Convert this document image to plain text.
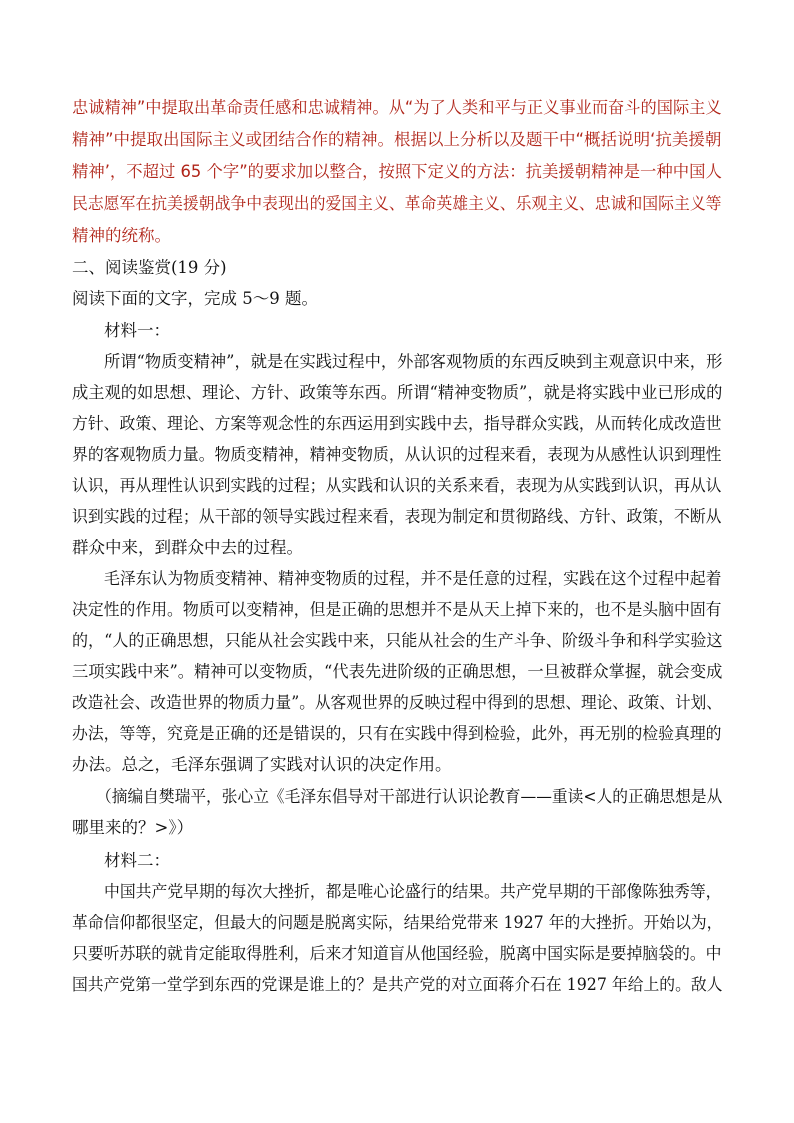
忠诚精神”中提取出革命责任感和忠诚精神。从“为了人类和平与正义事业而奋斗的国际主义
精神”中提取出国际主义或团结合作的精神。根据以上分析以及题干中“概括说明‘抗美援朝
精神’，不超过 65 个字”的要求加以整合，按照下定义的方法：抗美援朝精神是一种中国人
民志愿军在抗美援朝战争中表现出的爱国主义、革命英雄主义、乐观主义、忠诚和国际主义等
精神的统称。
二、阅读鉴赏(19 分)
阅读下面的文字，完成 5～9 题。
材料一：
所谓“物质变精神”，就是在实践过程中，外部客观物质的东西反映到主观意识中来，形
成主观的如思想、理论、方针、政策等东西。所谓“精神变物质”，就是将实践中业已形成的
方针、政策、理论、方案等观念性的东西运用到实践中去，指导群众实践，从而转化成改造世
界的客观物质力量。物质变精神，精神变物质，从认识的过程来看，表现为从感性认识到理性
认识，再从理性认识到实践的过程；从实践和认识的关系来看，表现为从实践到认识，再从认
识到实践的过程；从干部的领导实践过程来看，表现为制定和贯彻路线、方针、政策，不断从
群众中来，到群众中去的过程。
毛泽东认为物质变精神、精神变物质的过程，并不是任意的过程，实践在这个过程中起着
决定性的作用。物质可以变精神，但是正确的思想并不是从天上掉下来的，也不是头脑中固有
的，“人的正确思想，只能从社会实践中来，只能从社会的生产斗争、阶级斗争和科学实验这
三项实践中来”。精神可以变物质，“代表先进阶级的正确思想，一旦被群众掌握，就会变成
改造社会、改造世界的物质力量”。从客观世界的反映过程中得到的思想、理论、政策、计划、
办法，等等，究竟是正确的还是错误的，只有在实践中得到检验，此外，再无别的检验真理的
办法。总之，毛泽东强调了实践对认识的决定作用。
（摘编自樊瑞平，张心立《毛泽东倡导对干部进行认识论教育——重读<人的正确思想是从
哪里来的？>》）
材料二：
中国共产党早期的每次大挫折，都是唯心论盛行的结果。共产党早期的干部像陈独秀等，
革命信仰都很坚定，但最大的问题是脱离实际，结果给党带来 1927 年的大挫折。开始以为，
只要听苏联的就肯定能取得胜利，后来才知道盲从他国经验，脱离中国实际是要掉脑袋的。中
国共产党第一堂学到东西的党课是谁上的？是共产党的对立面蒋介石在 1927 年给上的。敌人
